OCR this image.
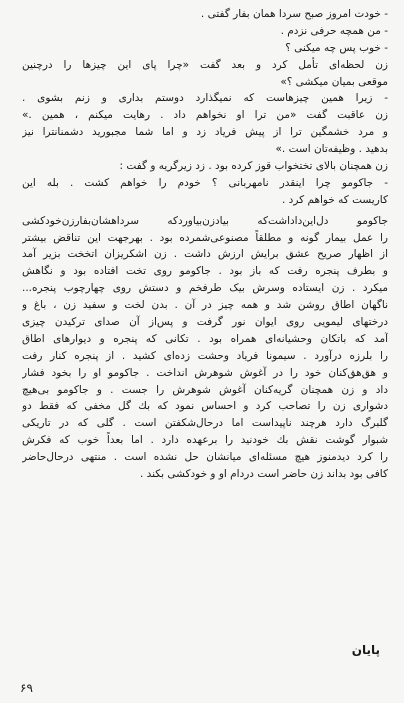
- خودت امروز صبح سردا همان بفار گفتی .
- من همچه حرفی نزدم .
- خوب پس چه میکنی ؟
زن لحظه‌ای تأمل کرد و بعد گفت «چرا پای این چیزها را درچنین
موقعی بمیان میکشی ؟»
- زیرا همین چیزهاست که نمیگذارد دوستم بداری و زنم بشوی .
زن عاقبت گفت «من ترا او نخواهم داد . رهایت میکنم ، همین .»
و مرد خشمگین ترا از پیش فریاد زد و اما شما مجبورید دشمنانترا نیز
بدهید . وظیفه‌تان است .»
زن همچنان بالای تختخواب قوز کرده بود . زد زیرگریه و گفت :
- جاکومو چرا اینقدر نامهربانی ؟ خودم را خواهم کشت . بله این
کاریست که خواهم کرد .
جاکومو دل‌این‌داداشت‌که بیادزن‌بیاورد‌که سر‌داهشان‌بفار‌زن‌خودکشی
را عمل بیمار گونه و مطلقاً مصنوعی‌شمرده بود . بهرجهت این تناقض بیشتر
از اظهار صریح عشق برایش ارزش داشت . زن اشکریزان اتخخت بزیر آمد
و بطرف پنجره رفت که باز بود . جاکومو روی تخت افتاده بود و نگاهش
میکرد . زن ایستاده وسرش بیک طرفخم و دستش روی چهارچوب پنجره...
ناگهان اطاق روشن شد و همه چیز در آن . بدن لخت و سفید زن ، باغ و
درختهای لیمویی روی ایوان نور گرفت و پس‌از آن صدای ترکیدن چیزی
آمد که باتکان وحشیانه‌ای همراه بود . تکانی که پنجره و دیوارهای اطاق
را بلرزه درآورد . سیمونا فریاد وحشت زده‌ای کشید . از پنجره کنار رفت
و هق‌هق‌کنان خود را در آغوش شوهرش انداخت . جاکومو او را بخود فشار
داد و زن همچنان گریه‌کنان آغوش شوهرش را جست . و جاکومو بی‌هیچ
دشواری زن را تصاحب کرد و احساس نمود که بك گل مخفی که فقط دو
گلبرگ دارد هرچند ناپیداست اما درحال‌شکفتن است . گلی که در تاریکی
شبوار گوشت نقش بك خودنید را برعهده دارد . اما بعداً خوب که فکرش
را کرد دیدمنوز هیچ مسئله‌ای میانشان حل نشده است . منتهی درحال‌حاضر
کافی بود بداند زن حاضر است دردام او و خودکشی بکند .
پایان
۶۹
